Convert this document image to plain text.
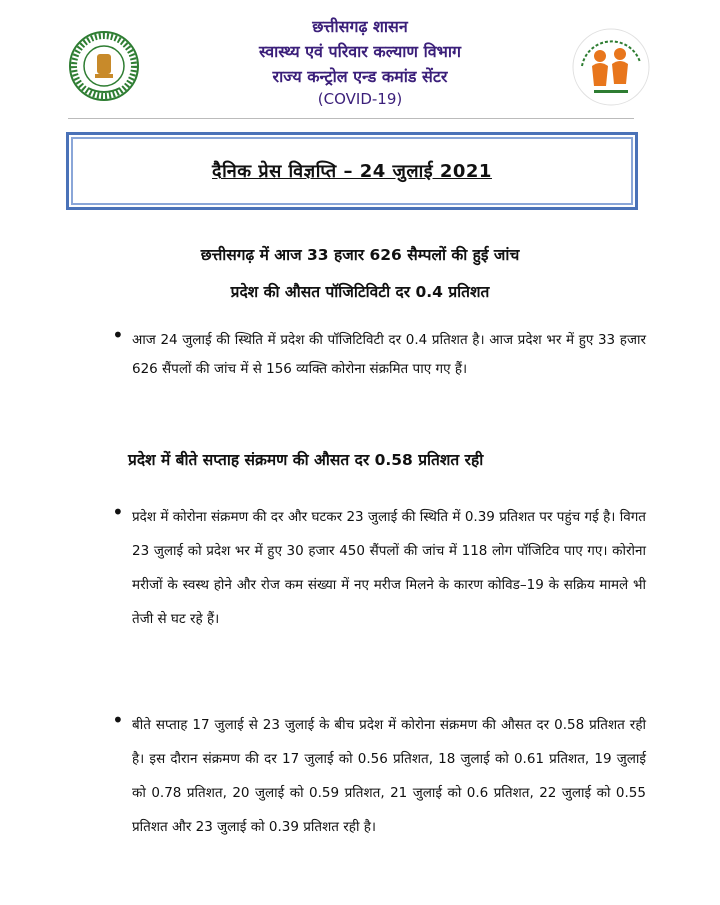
छत्तीसगढ़ शासन
स्वास्थ्य एवं परिवार कल्याण विभाग
राज्य कन्ट्रोल एन्ड कमांड सेंटर
(COVID-19)
दैनिक प्रेस विज्ञप्ति – 24 जुलाई 2021
छत्तीसगढ़ में आज 33 हजार 626 सैम्पलों की हुई जांच
प्रदेश की औसत पॉजिटिविटी दर 0.4 प्रतिशत
• आज 24 जुलाई की स्थिति में प्रदेश की पॉजिटिविटी दर 0.4 प्रतिशत है। आज प्रदेश भर में हुए 33 हजार 626 सैंपलों की जांच में से 156 व्यक्ति कोरोना संक्रमित पाए गए हैं।
प्रदेश में बीते सप्ताह संक्रमण की औसत दर 0.58 प्रतिशत रही
• प्रदेश में कोरोना संक्रमण की दर और घटकर 23 जुलाई की स्थिति में 0.39 प्रतिशत पर पहुंच गई है। विगत 23 जुलाई को प्रदेश भर में हुए 30 हजार 450 सैंपलों की जांच में 118 लोग पॉजिटिव पाए गए। कोरोना मरीजों के स्वस्थ होने और रोज कम संख्या में नए मरीज मिलने के कारण कोविड–19 के सक्रिय मामले भी तेजी से घट रहे हैं।
• बीते सप्ताह 17 जुलाई से 23 जुलाई के बीच प्रदेश में कोरोना संक्रमण की औसत दर 0.58 प्रतिशत रही है। इस दौरान संक्रमण की दर 17 जुलाई को 0.56 प्रतिशत, 18 जुलाई को 0.61 प्रतिशत, 19 जुलाई को 0.78 प्रतिशत, 20 जुलाई को 0.59 प्रतिशत, 21 जुलाई को 0.6 प्रतिशत, 22 जुलाई को 0.55 प्रतिशत और 23 जुलाई को 0.39 प्रतिशत रही है।
